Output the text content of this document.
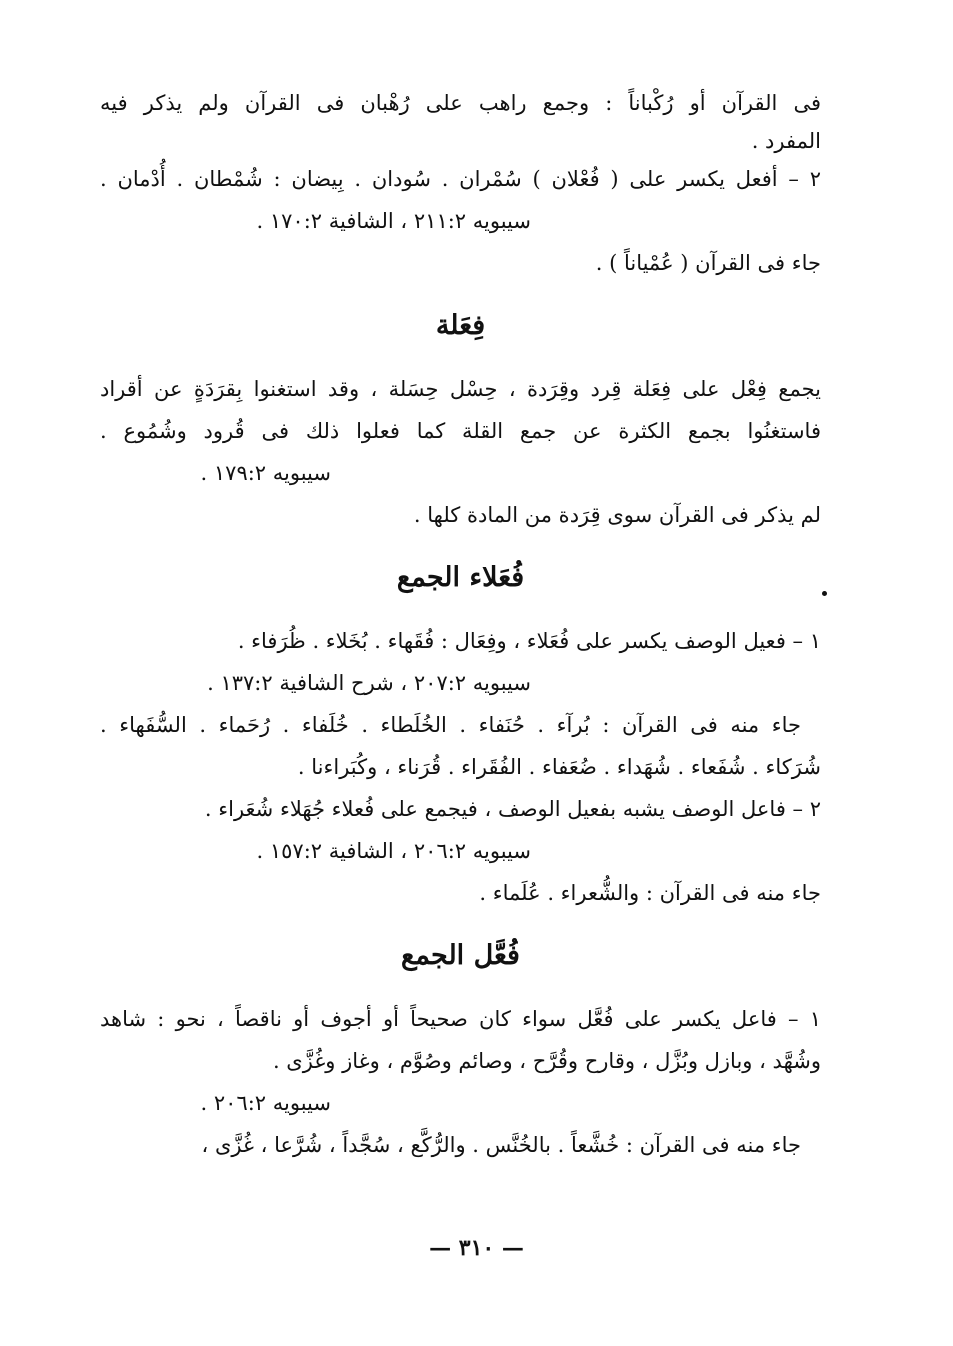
فى القرآن أو رُكْباناً : وجمع راهب على رُهْبان فى القرآن ولم يذكر فيه
المفرد .
٢ – أفعل يكسر على ( فُعْلان ) سُمْران . سُودان . بِيضان : شُمْطان . أُدْمان .
سيبويه ٢١١:٢ ، الشافية ١٧٠:٢ .
جاء فى القرآن ( عُمْياناً ) .
فِعَلة
يجمع فِعْل على فِعَلة قِرد وقِرَدة ، حِسْل حِسَلة ، وقد استغنوا بِقرَدَةٍ عن أقراد
فاستغنُوا بجمع الكثرة عن جمع القلة كما فعلوا ذلك فى قُرود وشُمُوع .
سيبويه ١٧٩:٢ .
لم يذكر فى القرآن سوى قِرَدة من المادة كلها .
فُعَلاء الجمع
١ – فعيل الوصف يكسر على فُعَلاء ، وفِعَال : فُقَهاء . بُخَلاء . ظُرَفاء .
سيبويه ٢٠٧:٢ ، شرح الشافية ١٣٧:٢ .
جاء منه فى القرآن : بُرآء . حُنَفاء . الخُلَطاء . خُلَفاء . رُحَماء . السُّفَهاء .
شُرَكاء . شُفَعاء . شُهَداء . ضُعَفاء . الفُقَراء . قُرَناء ، وكُبَراءنا .
٢ – فاعل الوصف يشبه بفعيل الوصف ، فيجمع على فُعلاء جُهَلاء شُعَراء .
سيبويه ٢٠٦:٢ ، الشافية ١٥٧:٢ .
جاء منه فى القرآن : والشُّعراء . عُلَماء .
فُعَّل الجمع
١ – فاعل يكسر على فُعَّل سواء كان صحيحاً أو أجوف أو ناقصاً ، نحو : شاهد
وشُهَّد ، وبازل وبُزَّل ، وقارح وقُرَّح ، وصائم وصُوَّم ، وغاز وغُزَّى .
سيبويه ٢٠٦:٢ .
جاء منه فى القرآن : خُشَّعاً . بالخُنَّس . والرُّكَّع ، سُجَّداً ، شُرَّعا ، غُزَّى ،
— ٣١٠ —
